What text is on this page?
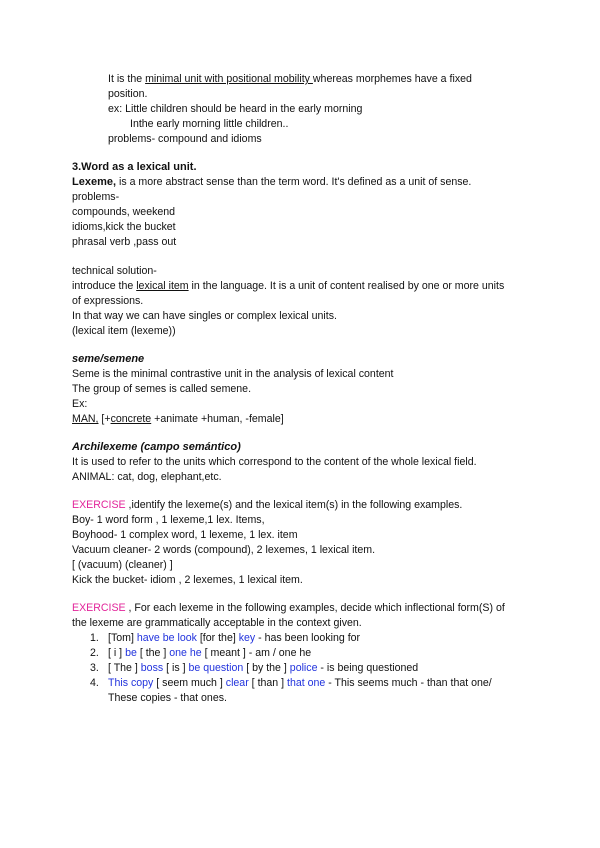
It is the minimal unit with positional mobility whereas morphemes have a fixed
position.
ex: Little children should be heard in the early morning
Inthe early morning little children..
problems- compound and idioms
3.Word as a lexical unit.
Lexeme, is a more abstract sense than the term word. It's defined as a unit of sense.
problems-
compounds, weekend
idioms,kick the bucket
phrasal verb ,pass out
technical solution-
introduce the lexical item in the language. It is a unit of content realised by one or more units
of expressions.
In that way we can have singles or complex lexical units.
(lexical item (lexeme))
seme/semene
Seme is the minimal contrastive unit in the analysis of lexical content
The group of semes is called semene.
Ex:
MAN, [+concrete +animate +human, -female]
Archilexeme (campo semántico)
It is used to refer to the units which correspond to the content of the whole lexical field.
ANIMAL: cat, dog, elephant,etc.
EXERCISE ,identify the lexeme(s) and the lexical item(s) in the following examples.
Boy- 1 word form , 1 lexeme,1 lex. Items,
Boyhood- 1 complex word, 1 lexeme, 1 lex. item
Vacuum cleaner- 2 words (compound), 2 lexemes, 1 lexical item.
[ (vacuum) (cleaner) ]
Kick the bucket- idiom , 2 lexemes, 1 lexical item.
EXERCISE , For each lexeme in the following examples, decide which inflectional form(S) of
the lexeme are grammatically acceptable in the context given.
1. [Tom] have be look [for the] key - has been looking for
2. [ i ] be [ the ] one he [ meant ] - am / one he
3. [ The ] boss [ is ] be question [ by the ] police - is being questioned
4. This copy [ seem much ] clear [ than ] that one - This seems much - than that one/
These copies - that ones.
